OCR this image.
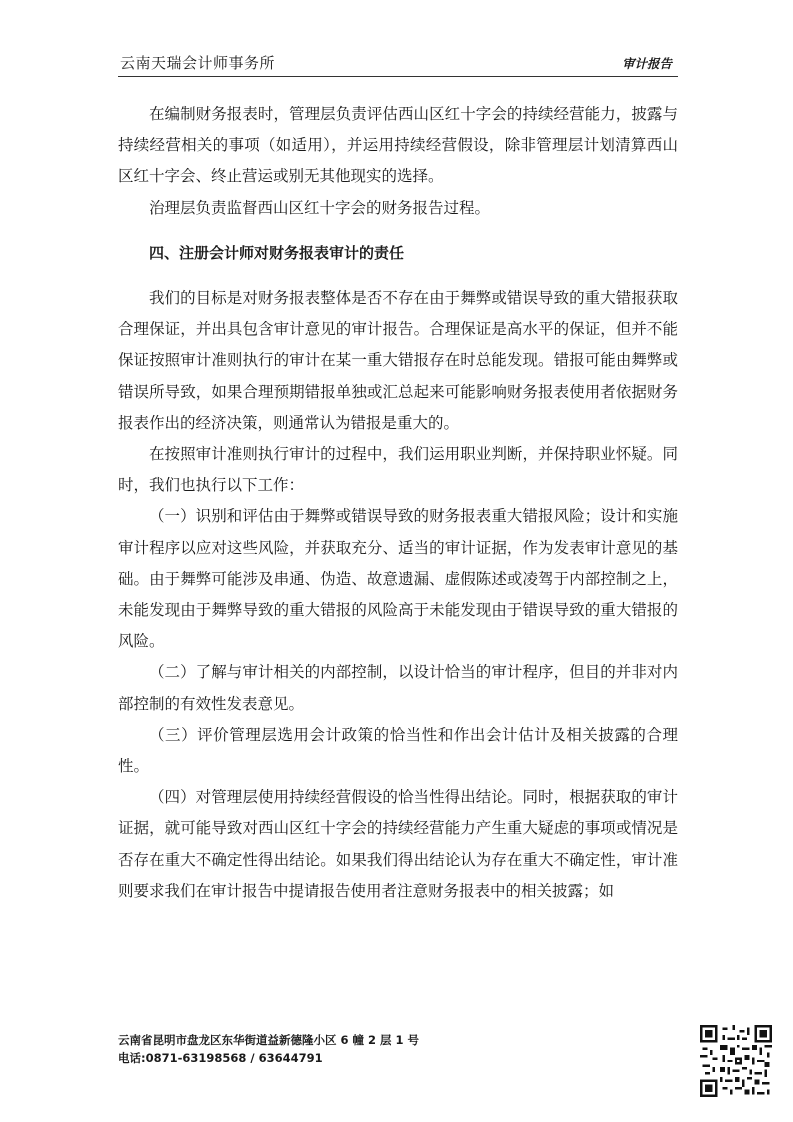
云南天瑞会计师事务所	审计报告

在编制财务报表时，管理层负责评估西山区红十字会的持续经营能力，披露与持续经营相关的事项（如适用），并运用持续经营假设，除非管理层计划清算西山区红十字会、终止营运或别无其他现实的选择。

治理层负责监督西山区红十字会的财务报告过程。

四、注册会计师对财务报表审计的责任

我们的目标是对财务报表整体是否不存在由于舞弊或错误导致的重大错报获取合理保证，并出具包含审计意见的审计报告。合理保证是高水平的保证，但并不能保证按照审计准则执行的审计在某一重大错报存在时总能发现。错报可能由舞弊或错误所导致，如果合理预期错报单独或汇总起来可能影响财务报表使用者依据财务报表作出的经济决策，则通常认为错报是重大的。

在按照审计准则执行审计的过程中，我们运用职业判断，并保持职业怀疑。同时，我们也执行以下工作：

（一）识别和评估由于舞弊或错误导致的财务报表重大错报风险；设计和实施审计程序以应对这些风险，并获取充分、适当的审计证据，作为发表审计意见的基础。由于舞弊可能涉及串通、伪造、故意遗漏、虚假陈述或凌驾于内部控制之上，未能发现由于舞弊导致的重大错报的风险高于未能发现由于错误导致的重大错报的风险。

（二）了解与审计相关的内部控制，以设计恰当的审计程序，但目的并非对内部控制的有效性发表意见。

（三）评价管理层选用会计政策的恰当性和作出会计估计及相关披露的合理性。

（四）对管理层使用持续经营假设的恰当性得出结论。同时，根据获取的审计证据，就可能导致对西山区红十字会的持续经营能力产生重大疑虑的事项或情况是否存在重大不确定性得出结论。如果我们得出结论认为存在重大不确定性，审计准则要求我们在审计报告中提请报告使用者注意财务报表中的相关披露；如

云南省昆明市盘龙区东华街道益新德隆小区 6 幢 2 层 1 号
电话:0871-63198568 / 63644791
